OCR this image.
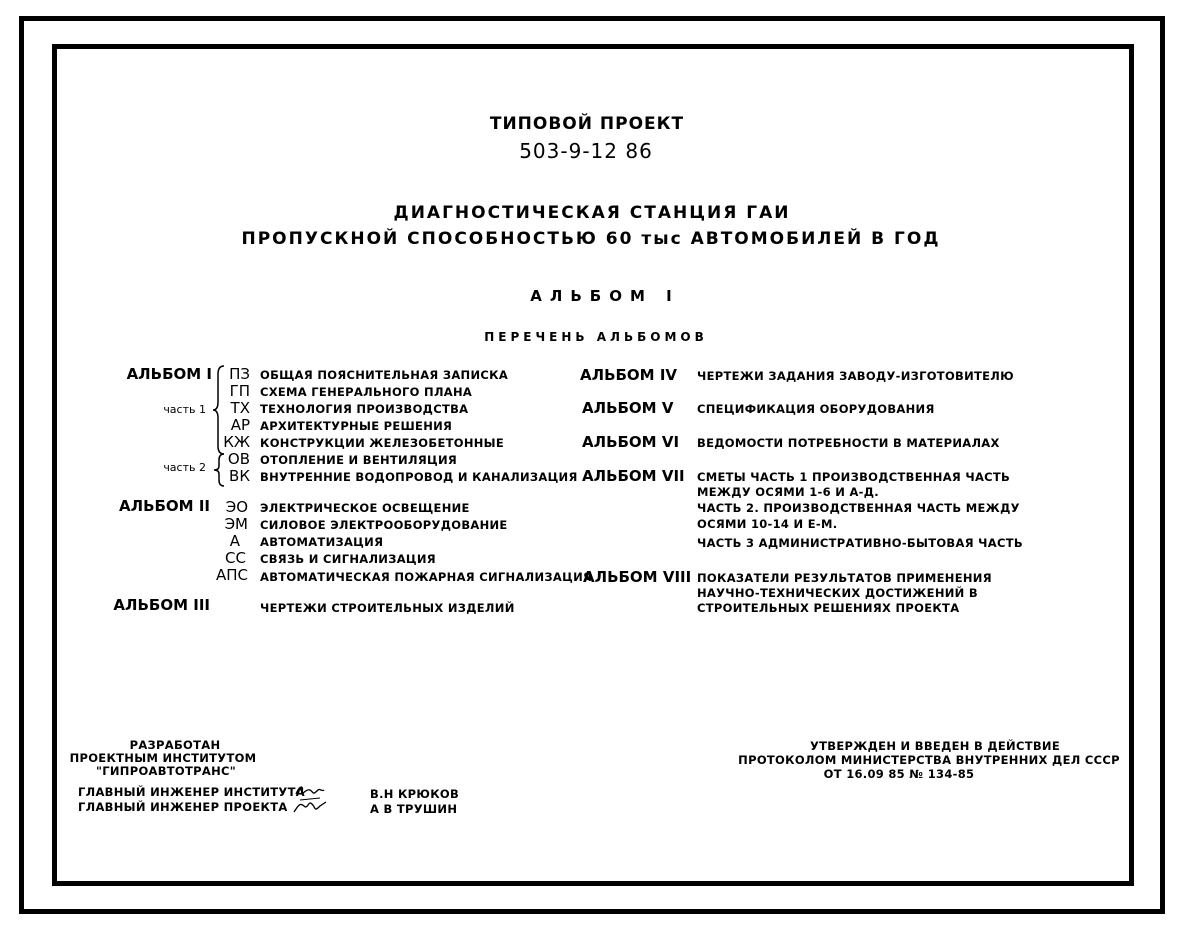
ТИПОВОЙ ПРОЕКТ
503-9-12 86
ДИАГНОСТИЧЕСКАЯ СТАНЦИЯ ГАИ
ПРОПУСКНОЙ СПОСОБНОСТЬЮ 60 тыс АВТОМОБИЛЕЙ В ГОД
АЛЬБОМ I
ПЕРЕЧЕНЬ АЛЬБОМОВ
АЛЬБОМ I
часть 1
часть 2
ПЗ ОБЩАЯ ПОЯСНИТЕЛЬНАЯ ЗАПИСКА
ГП СХЕМА ГЕНЕРАЛЬНОГО ПЛАНА
ТХ ТЕХНОЛОГИЯ ПРОИЗВОДСТВА
АР АРХИТЕКТУРНЫЕ РЕШЕНИЯ
КЖ КОНСТРУКЦИИ ЖЕЛЕЗОБЕТОННЫЕ
ОВ ОТОПЛЕНИЕ И ВЕНТИЛЯЦИЯ
ВК ВНУТРЕННИЕ ВОДОПРОВОД И КАНАЛИЗАЦИЯ
АЛЬБОМ II ЭО ЭЛЕКТРИЧЕСКОЕ ОСВЕЩЕНИЕ
ЭМ СИЛОВОЕ ЭЛЕКТРООБОРУДОВАНИЕ
А АВТОМАТИЗАЦИЯ
СС СВЯЗЬ И СИГНАЛИЗАЦИЯ
АПС АВТОМАТИЧЕСКАЯ ПОЖАРНАЯ СИГНАЛИЗАЦИЯ
АЛЬБОМ III	ЧЕРТЕЖИ СТРОИТЕЛЬНЫХ ИЗДЕЛИЙ
АЛЬБОМ IV ЧЕРТЕЖИ ЗАДАНИЯ ЗАВОДУ-ИЗГОТОВИТЕЛЮ
АЛЬБОМ V СПЕЦИФИКАЦИЯ ОБОРУДОВАНИЯ
АЛЬБОМ VI ВЕДОМОСТИ ПОТРЕБНОСТИ В МАТЕРИАЛАХ
АЛЬБОМ VII СМЕТЫ ЧАСТЬ 1 ПРОИЗВОДСТВЕННАЯ ЧАСТЬ
МЕЖДУ ОСЯМИ 1-6 И А-Д.
ЧАСТЬ 2. ПРОИЗВОДСТВЕННАЯ ЧАСТЬ МЕЖДУ
ОСЯМИ 10-14 И Е-М.
ЧАСТЬ 3 АДМИНИСТРАТИВНО-БЫТОВАЯ ЧАСТЬ
АЛЬБОМ VIII ПОКАЗАТЕЛИ РЕЗУЛЬТАТОВ ПРИМЕНЕНИЯ
НАУЧНО-ТЕХНИЧЕСКИХ ДОСТИЖЕНИЙ В
СТРОИТЕЛЬНЫХ РЕШЕНИЯХ ПРОЕКТА
РАЗРАБОТАН
ПРОЕКТНЫМ ИНСТИТУТОМ
"ГИПРОАВТОТРАНС"
ГЛАВНЫЙ ИНЖЕНЕР ИНСТИТУТА
ГЛАВНЫЙ ИНЖЕНЕР ПРОЕКТА
В.Н КРЮКОВ
А В ТРУШИН
УТВЕРЖДЕН И ВВЕДЕН В ДЕЙСТВИЕ
ПРОТОКОЛОМ МИНИСТЕРСТВА ВНУТРЕННИХ ДЕЛ СССР
ОТ 16.09 85 № 134-85
